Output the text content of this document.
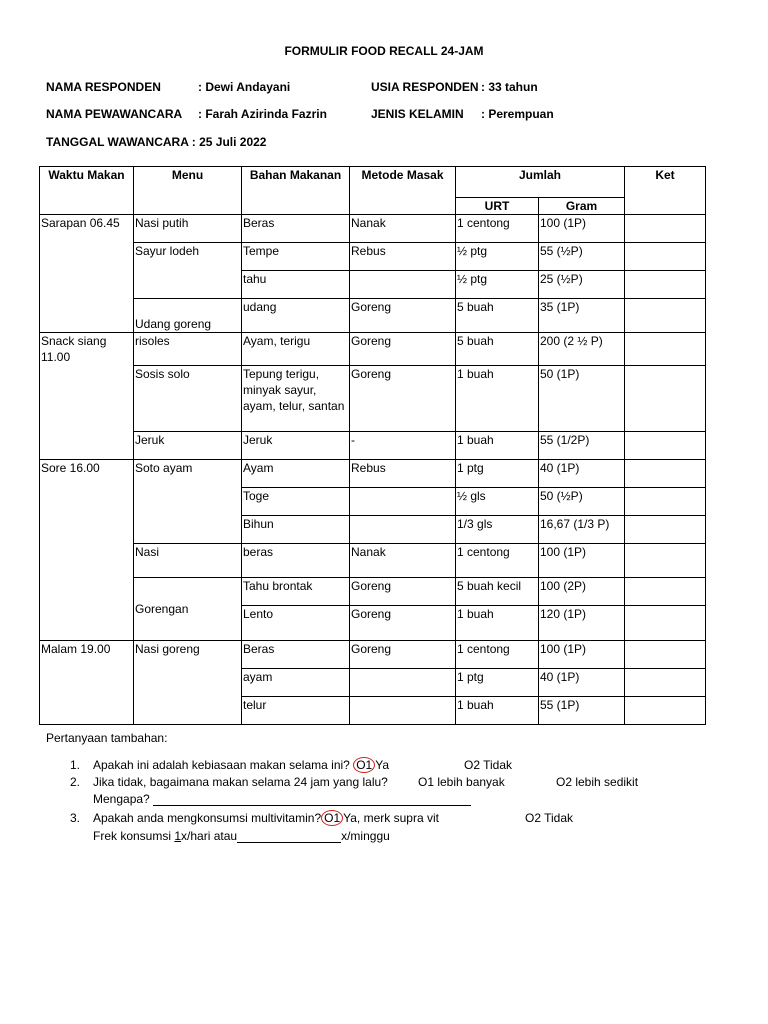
FORMULIR FOOD RECALL 24-JAM
NAMA RESPONDEN	: Dewi Andayani	USIA RESPONDEN : 33 tahun
NAMA PEWAWANCARA : Farah Azirinda Fazrin	JENIS KELAMIN : Perempuan
TANGGAL WAWANCARA : 25 Juli 2022
Waktu Makan	Menu	Bahan Makanan	Metode Masak	Jumlah		Ket
				URT	Gram	
Sarapan 06.45	Nasi putih	Beras	Nanak	1 centong	100 (1P)	
	Sayur lodeh	Tempe	Rebus	½ ptg	55 (½P)	
		tahu		½ ptg	25 (½P)	
	Udang goreng	udang	Goreng	5 buah	35 (1P)	
Snack siang 11.00	risoles	Ayam, terigu	Goreng	5 buah	200 (2 ½ P)	
	Sosis solo	Tepung terigu, minyak sayur, ayam, telur, santan	Goreng	1 buah	50 (1P)	
	Jeruk	Jeruk	-	1 buah	55 (1/2P)	
Sore 16.00	Soto ayam	Ayam	Rebus	1 ptg	40 (1P)	
		Toge		½ gls	50 (½P)	
		Bihun		1/3 gls	16,67 (1/3 P)	
	Nasi	beras	Nanak	1 centong	100 (1P)	
	Gorengan	Tahu brontak	Goreng	5 buah kecil	100 (2P)	
		Lento	Goreng	1 buah	120 (1P)	
Malam 19.00	Nasi goreng	Beras	Goreng	1 centong	100 (1P)	
		ayam		1 ptg	40 (1P)	
		telur		1 buah	55 (1P)	
Pertanyaan tambahan:
1. Apakah ini adalah kebiasaan makan selama ini? O1 Ya	O2 Tidak
2. Jika tidak, bagaimana makan selama 24 jam yang lalu?	O1 lebih banyak	O2 lebih sedikit
Mengapa?
3. Apakah anda mengkonsumsi multivitamin? O1 Ya, merk supra vit	O2 Tidak
Frek konsumsi 1x/hari atau	x/minggu
